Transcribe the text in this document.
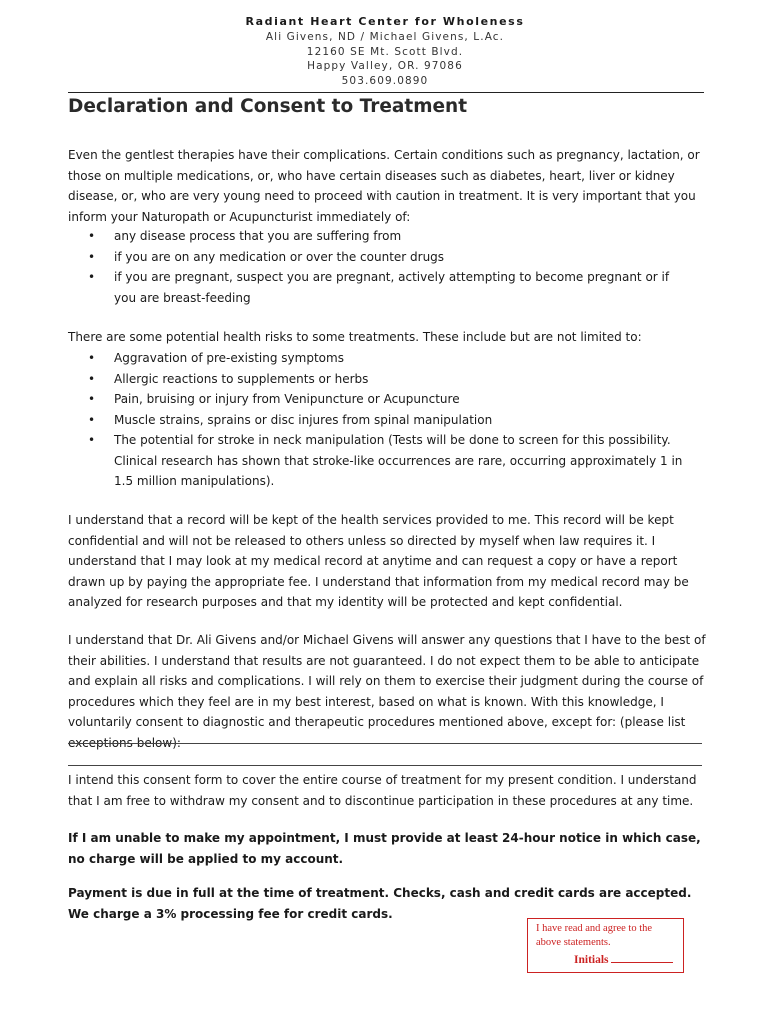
Radiant Heart Center for Wholeness
Ali Givens, ND / Michael Givens, L.Ac.
12160 SE Mt. Scott Blvd.
Happy Valley, OR. 97086
503.609.0890
Declaration and Consent to Treatment

Even the gentlest therapies have their complications. Certain conditions such as pregnancy, lactation, or those on multiple medications, or, who have certain diseases such as diabetes, heart, liver or kidney disease, or, who are very young need to proceed with caution in treatment. It is very important that you inform your Naturopath or Acupuncturist immediately of:

• any disease process that you are suffering from
• if you are on any medication or over the counter drugs
• if you are pregnant, suspect you are pregnant, actively attempting to become pregnant or if you are breast-feeding

There are some potential health risks to some treatments. These include but are not limited to:

• Aggravation of pre-existing symptoms
• Allergic reactions to supplements or herbs
• Pain, bruising or injury from Venipuncture or Acupuncture
• Muscle strains, sprains or disc injures from spinal manipulation
• The potential for stroke in neck manipulation (Tests will be done to screen for this possibility. Clinical research has shown that stroke-like occurrences are rare, occurring approximately 1 in 1.5 million manipulations).

I understand that a record will be kept of the health services provided to me. This record will be kept confidential and will not be released to others unless so directed by myself when law requires it. I understand that I may look at my medical record at anytime and can request a copy or have a report drawn up by paying the appropriate fee. I understand that information from my medical record may be analyzed for research purposes and that my identity will be protected and kept confidential.

I understand that Dr. Ali Givens and/or Michael Givens will answer any questions that I have to the best of their abilities. I understand that results are not guaranteed. I do not expect them to be able to anticipate and explain all risks and complications. I will rely on them to exercise their judgment during the course of procedures which they feel are in my best interest, based on what is known. With this knowledge, I voluntarily consent to diagnostic and therapeutic procedures mentioned above, except for: (please list exceptions below):

I intend this consent form to cover the entire course of treatment for my present condition. I understand that I am free to withdraw my consent and to discontinue participation in these procedures at any time.

If I am unable to make my appointment, I must provide at least 24-hour notice in which case, no charge will be applied to my account.

Payment is due in full at the time of treatment. Checks, cash and credit cards are accepted. We charge a 3% processing fee for credit cards.

I have read and agree to the above statements.
Initials
